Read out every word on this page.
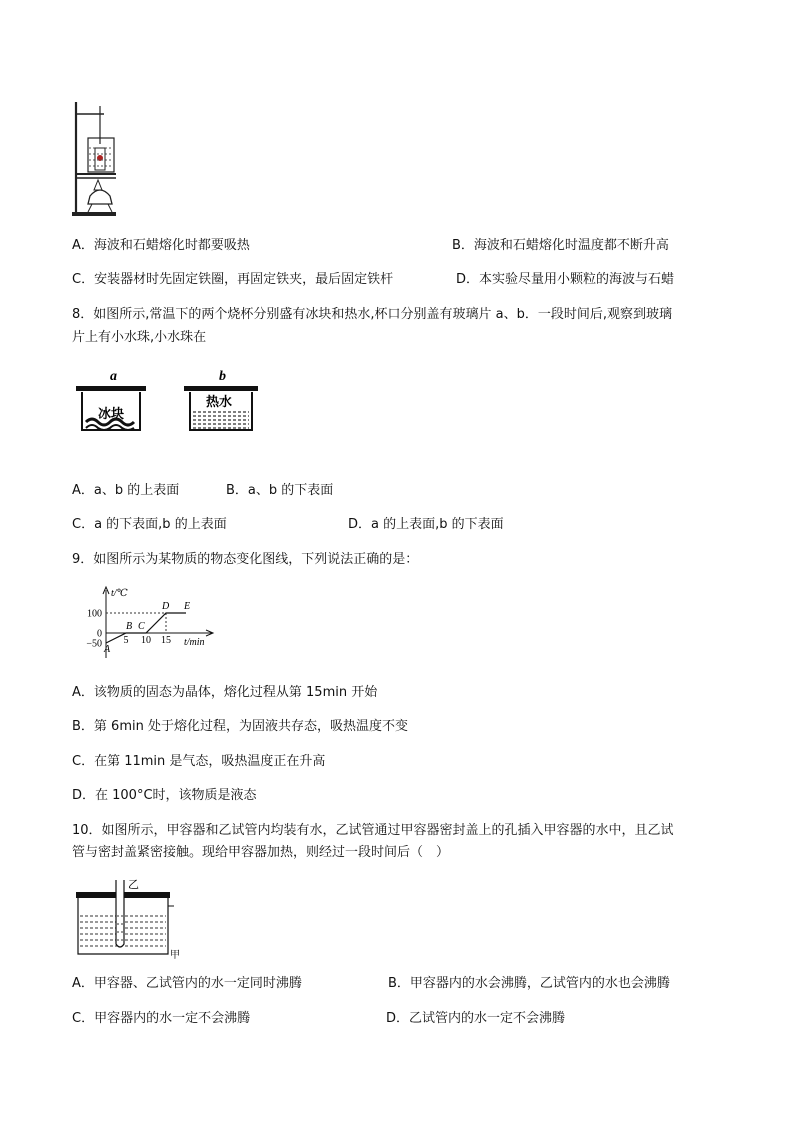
A．海波和石蜡熔化时都要吸热	B．海波和石蜡熔化时温度都不断升高
C．安装器材时先固定铁圈，再固定铁夹，最后固定铁杆	D．本实验尽量用小颗粒的海波与石蜡
8．如图所示,常温下的两个烧杯分别盛有冰块和热水,杯口分别盖有玻璃片 a、b．一段时间后,观察到玻璃
片上有小水珠,小水珠在
a
冰块
b
热水
A．a、b 的上表面	B．a、b 的下表面
C．a 的下表面,b 的上表面	D．a 的上表面,b 的下表面
9．如图所示为某物质的物态变化图线，下列说法正确的是：
t/℃
t/min
100
0
−50 5 10 15
A
B C
D E
A．该物质的固态为晶体，熔化过程从第 15min 开始
B．第 6min 处于熔化过程，为固液共存态，吸热温度不变
C．在第 11min 是气态，吸热温度正在升高
D．在 100°C时，该物质是液态
10．如图所示，甲容器和乙试管内均装有水，乙试管通过甲容器密封盖上的孔插入甲容器的水中，且乙试
管与密封盖紧密接触。现给甲容器加热，则经过一段时间后（　）
乙
甲
A．甲容器、乙试管内的水一定同时沸腾	B．甲容器内的水会沸腾，乙试管内的水也会沸腾
C．甲容器内的水一定不会沸腾	D．乙试管内的水一定不会沸腾
